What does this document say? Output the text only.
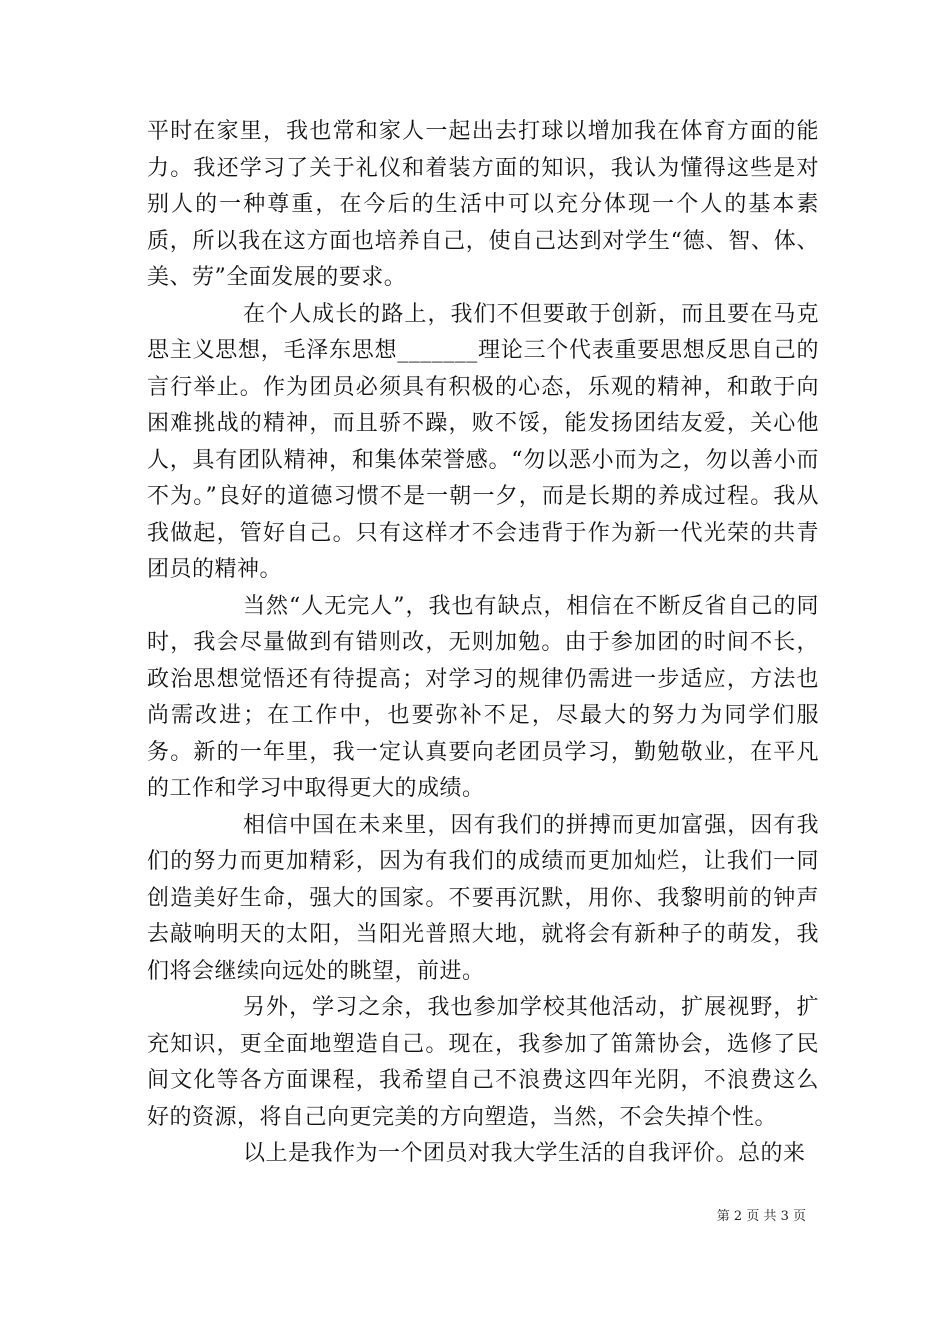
平时在家里，我也常和家人一起出去打球以增加我在体育方面的能力。我还学习了关于礼仪和着装方面的知识，我认为懂得这些是对别人的一种尊重，在今后的生活中可以充分体现一个人的基本素质，所以我在这方面也培养自己，使自己达到对学生“德、智、体、美、劳”全面发展的要求。

在个人成长的路上，我们不但要敢于创新，而且要在马克思主义思想，毛泽东思想_______理论三个代表重要思想反思自己的言行举止。作为团员必须具有积极的心态，乐观的精神，和敢于向困难挑战的精神，而且骄不躁，败不馁，能发扬团结友爱，关心他人，具有团队精神，和集体荣誉感。“勿以恶小而为之，勿以善小而不为。”良好的道德习惯不是一朝一夕，而是长期的养成过程。我从我做起，管好自己。只有这样才不会违背于作为新一代光荣的共青团员的精神。

当然“人无完人”，我也有缺点，相信在不断反省自己的同时，我会尽量做到有错则改，无则加勉。由于参加团的时间不长，政治思想觉悟还有待提高；对学习的规律仍需进一步适应，方法也尚需改进；在工作中，也要弥补不足，尽最大的努力为同学们服务。新的一年里，我一定认真要向老团员学习，勤勉敬业，在平凡的工作和学习中取得更大的成绩。

相信中国在未来里，因有我们的拼搏而更加富强，因有我们的努力而更加精彩，因为有我们的成绩而更加灿烂，让我们一同创造美好生命，强大的国家。不要再沉默，用你、我黎明前的钟声去敲响明天的太阳，当阳光普照大地，就将会有新种子的萌发，我们将会继续向远处的眺望，前进。

另外，学习之余，我也参加学校其他活动，扩展视野，扩充知识，更全面地塑造自己。现在，我参加了笛箫协会，选修了民间文化等各方面课程，我希望自己不浪费这四年光阴，不浪费这么好的资源，将自己向更完美的方向塑造，当然，不会失掉个性。

以上是我作为一个团员对我大学生活的自我评价。总的来

第 2 页 共 3 页
